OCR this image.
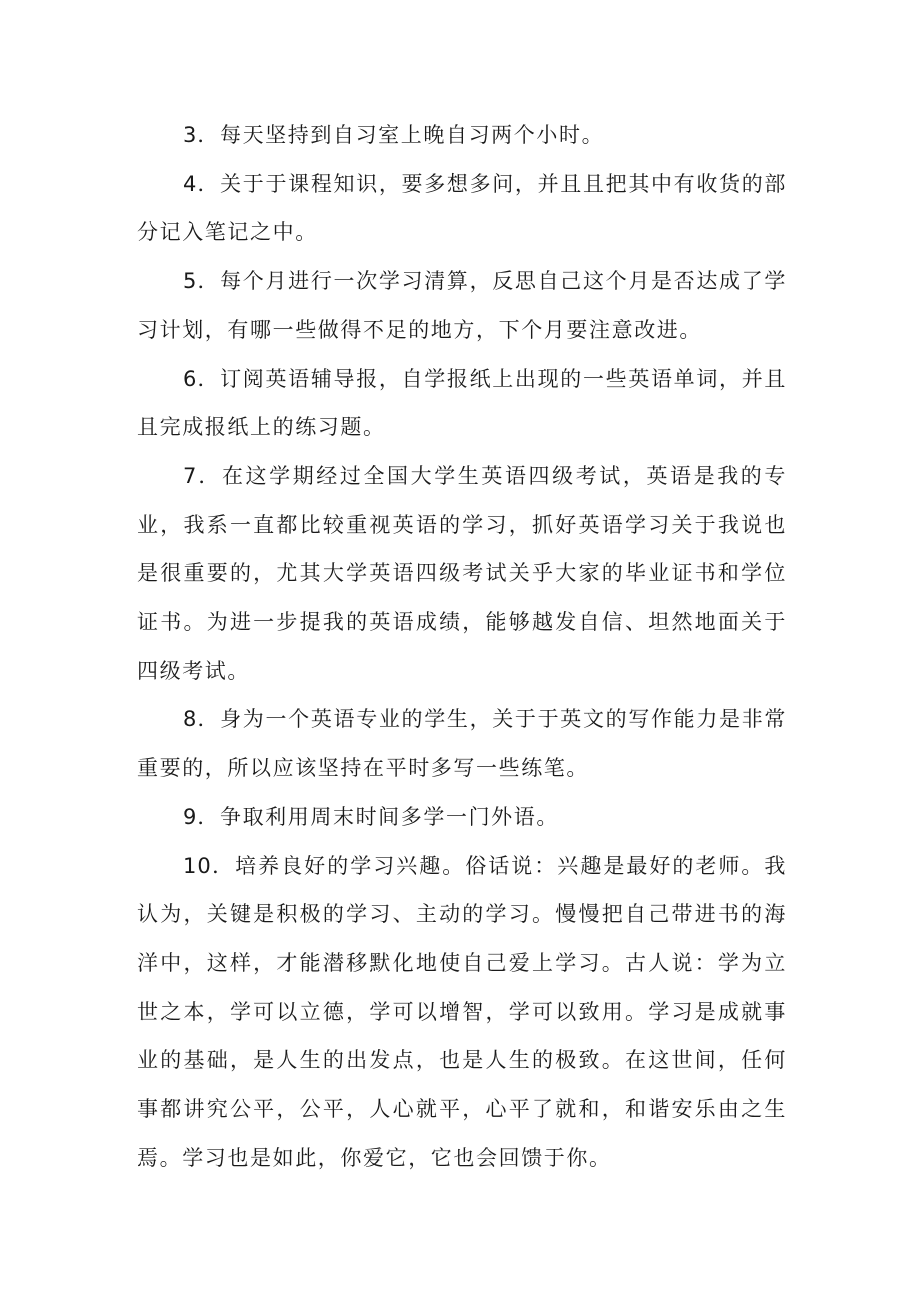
3．每天坚持到自习室上晚自习两个小时。

4．关于于课程知识，要多想多问，并且且把其中有收货的部分记入笔记之中。

5．每个月进行一次学习清算，反思自己这个月是否达成了学习计划，有哪一些做得不足的地方，下个月要注意改进。

6．订阅英语辅导报，自学报纸上出现的一些英语单词，并且且完成报纸上的练习题。

7．在这学期经过全国大学生英语四级考试，英语是我的专业，我系一直都比较重视英语的学习，抓好英语学习关于我说也是很重要的，尤其大学英语四级考试关乎大家的毕业证书和学位证书。为进一步提我的英语成绩，能够越发自信、坦然地面关于四级考试。

8．身为一个英语专业的学生，关于于英文的写作能力是非常重要的，所以应该坚持在平时多写一些练笔。

9．争取利用周末时间多学一门外语。

10．培养良好的学习兴趣。俗话说：兴趣是最好的老师。我认为，关键是积极的学习、主动的学习。慢慢把自己带进书的海洋中，这样，才能潜移默化地使自己爱上学习。古人说：学为立世之本，学可以立德，学可以增智，学可以致用。学习是成就事业的基础，是人生的出发点，也是人生的极致。在这世间，任何事都讲究公平，公平，人心就平，心平了就和，和谐安乐由之生焉。学习也是如此，你爱它，它也会回馈于你。
